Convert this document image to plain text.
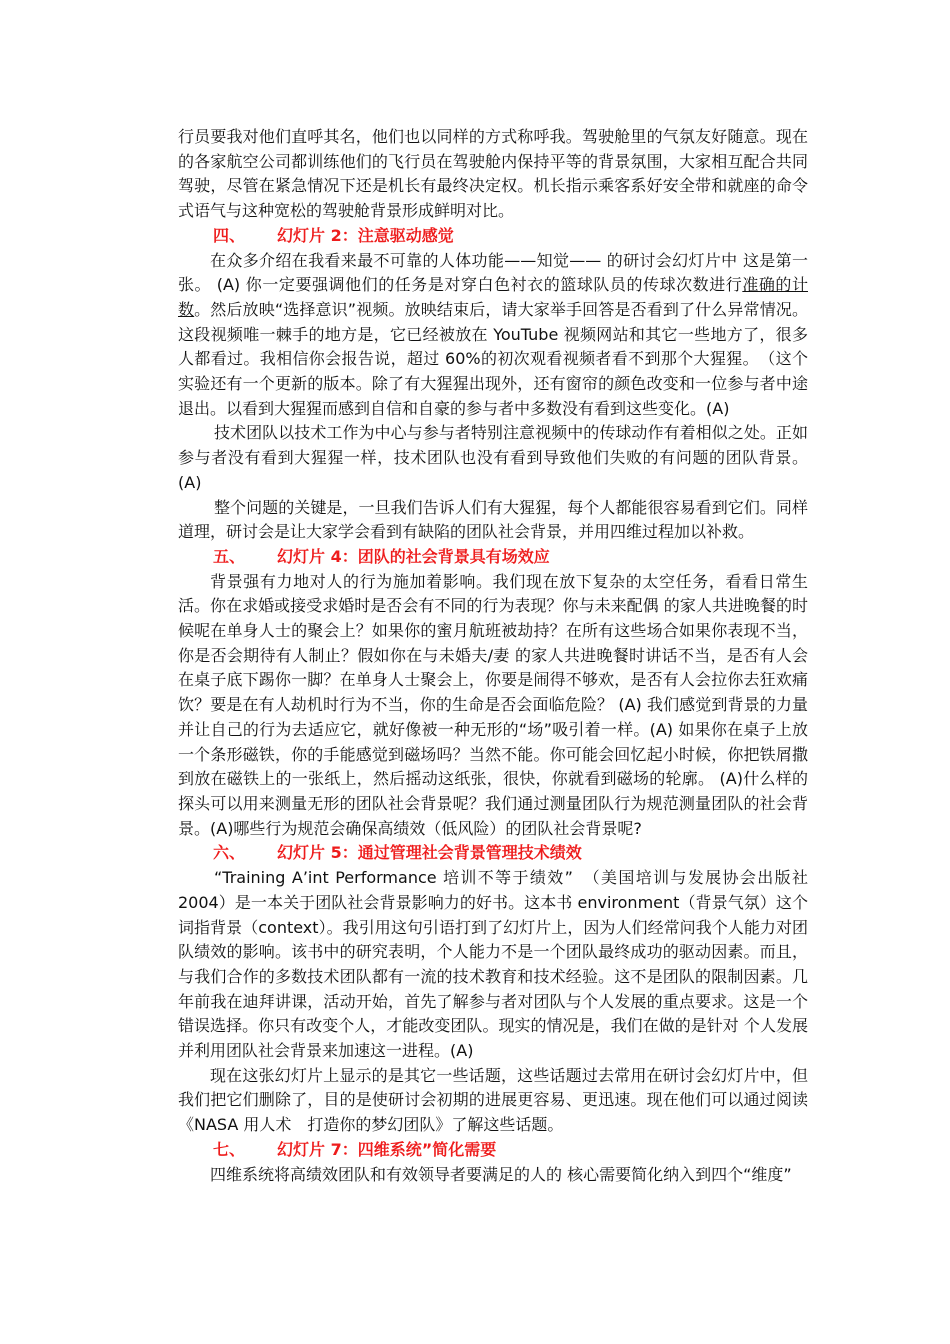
行员要我对他们直呼其名，他们也以同样的方式称呼我。驾驶舱里的气氛友好随意。现在的各家航空公司都训练他们的飞行员在驾驶舱内保持平等的背景氛围，大家相互配合共同驾驶，尽管在紧急情况下还是机长有最终决定权。机长指示乘客系好安全带和就座的命令式语气与这种宽松的驾驶舱背景形成鲜明对比。

四、 幻灯片 2：注意驱动感觉

在众多介绍在我看来最不可靠的人体功能——知觉—— 的研讨会幻灯片中 这是第一张。 (A) 你一定要强调他们的任务是对穿白色衬衣的篮球队员的传球次数进行准确的计数。然后放映“选择意识”视频。放映结束后，请大家举手回答是否看到了什么异常情况。这段视频唯一棘手的地方是，它已经被放在 YouTube 视频网站和其它一些地方了，很多人都看过。我相信你会报告说，超过 60%的初次观看视频者看不到那个大猩猩。　（这个实验还有一个更新的版本。除了有大猩猩出现外，还有窗帘的颜色改变和一位参与者中途退出。以看到大猩猩而感到自信和自豪的参与者中多数没有看到这些变化。(A)

技术团队以技术工作为中心与参与者特别注意视频中的传球动作有着相似之处。正如参与者没有看到大猩猩一样，技术团队也没有看到导致他们失败的有问题的团队背景。(A)

整个问题的关键是，一旦我们告诉人们有大猩猩，每个人都能很容易看到它们。同样道理，研讨会是让大家学会看到有缺陷的团队社会背景，并用四维过程加以补救。

五、 幻灯片 4：团队的社会背景具有场效应

背景强有力地对人的行为施加着影响。我们现在放下复杂的太空任务，看看日常生活。你在求婚或接受求婚时是否会有不同的行为表现？你与未来配偶 的家人共进晚餐的时候呢在单身人士的聚会上？如果你的蜜月航班被劫持？在所有这些场合如果你表现不当，你是否会期待有人制止？假如你在与未婚夫/妻 的家人共进晚餐时讲话不当，是否有人会在桌子底下踢你一脚？在单身人士聚会上，你要是闹得不够欢，是否有人会拉你去狂欢痛饮？要是在有人劫机时行为不当，你的生命是否会面临危险？ (A) 我们感觉到背景的力量并让自己的行为去适应它，就好像被一种无形的“场”吸引着一样。(A) 如果你在桌子上放一个条形磁铁，你的手能感觉到磁场吗？当然不能。你可能会回忆起小时候，你把铁屑撒到放在磁铁上的一张纸上，然后摇动这纸张，很快，你就看到磁场的轮廓。 (A)什么样的探头可以用来测量无形的团队社会背景呢？我们通过测量团队行为规范测量团队的社会背景。(A)哪些行为规范会确保高绩效（低风险）的团队社会背景呢?

六、 幻灯片 5：通过管理社会背景管理技术绩效

“Training A’int Performance 培训不等于绩效”　（美国培训与发展协会出版社 2004）是一本关于团队社会背景影响力的好书。这本书 environment（背景气氛）这个词指背景（context）。我引用这句引语打到了幻灯片上，因为人们经常问我个人能力对团队绩效的影响。该书中的研究表明，个人能力不是一个团队最终成功的驱动因素。而且，与我们合作的多数技术团队都有一流的技术教育和技术经验。这不是团队的限制因素。几年前我在迪拜讲课，活动开始，首先了解参与者对团队与个人发展的重点要求。这是一个错误选择。你只有改变个人，才能改变团队。现实的情况是，我们在做的是针对 个人发展并利用团队社会背景来加速这一进程。(A)

现在这张幻灯片上显示的是其它一些话题，这些话题过去常用在研讨会幻灯片中，但我们把它们删除了，目的是使研讨会初期的进展更容易、更迅速。现在他们可以通过阅读《NASA 用人术　打造你的梦幻团队》了解这些话题。

七、 幻灯片 7：四维系统”简化需要

四维系统将高绩效团队和有效领导者要满足的人的 核心需要简化纳入到四个“维度”
